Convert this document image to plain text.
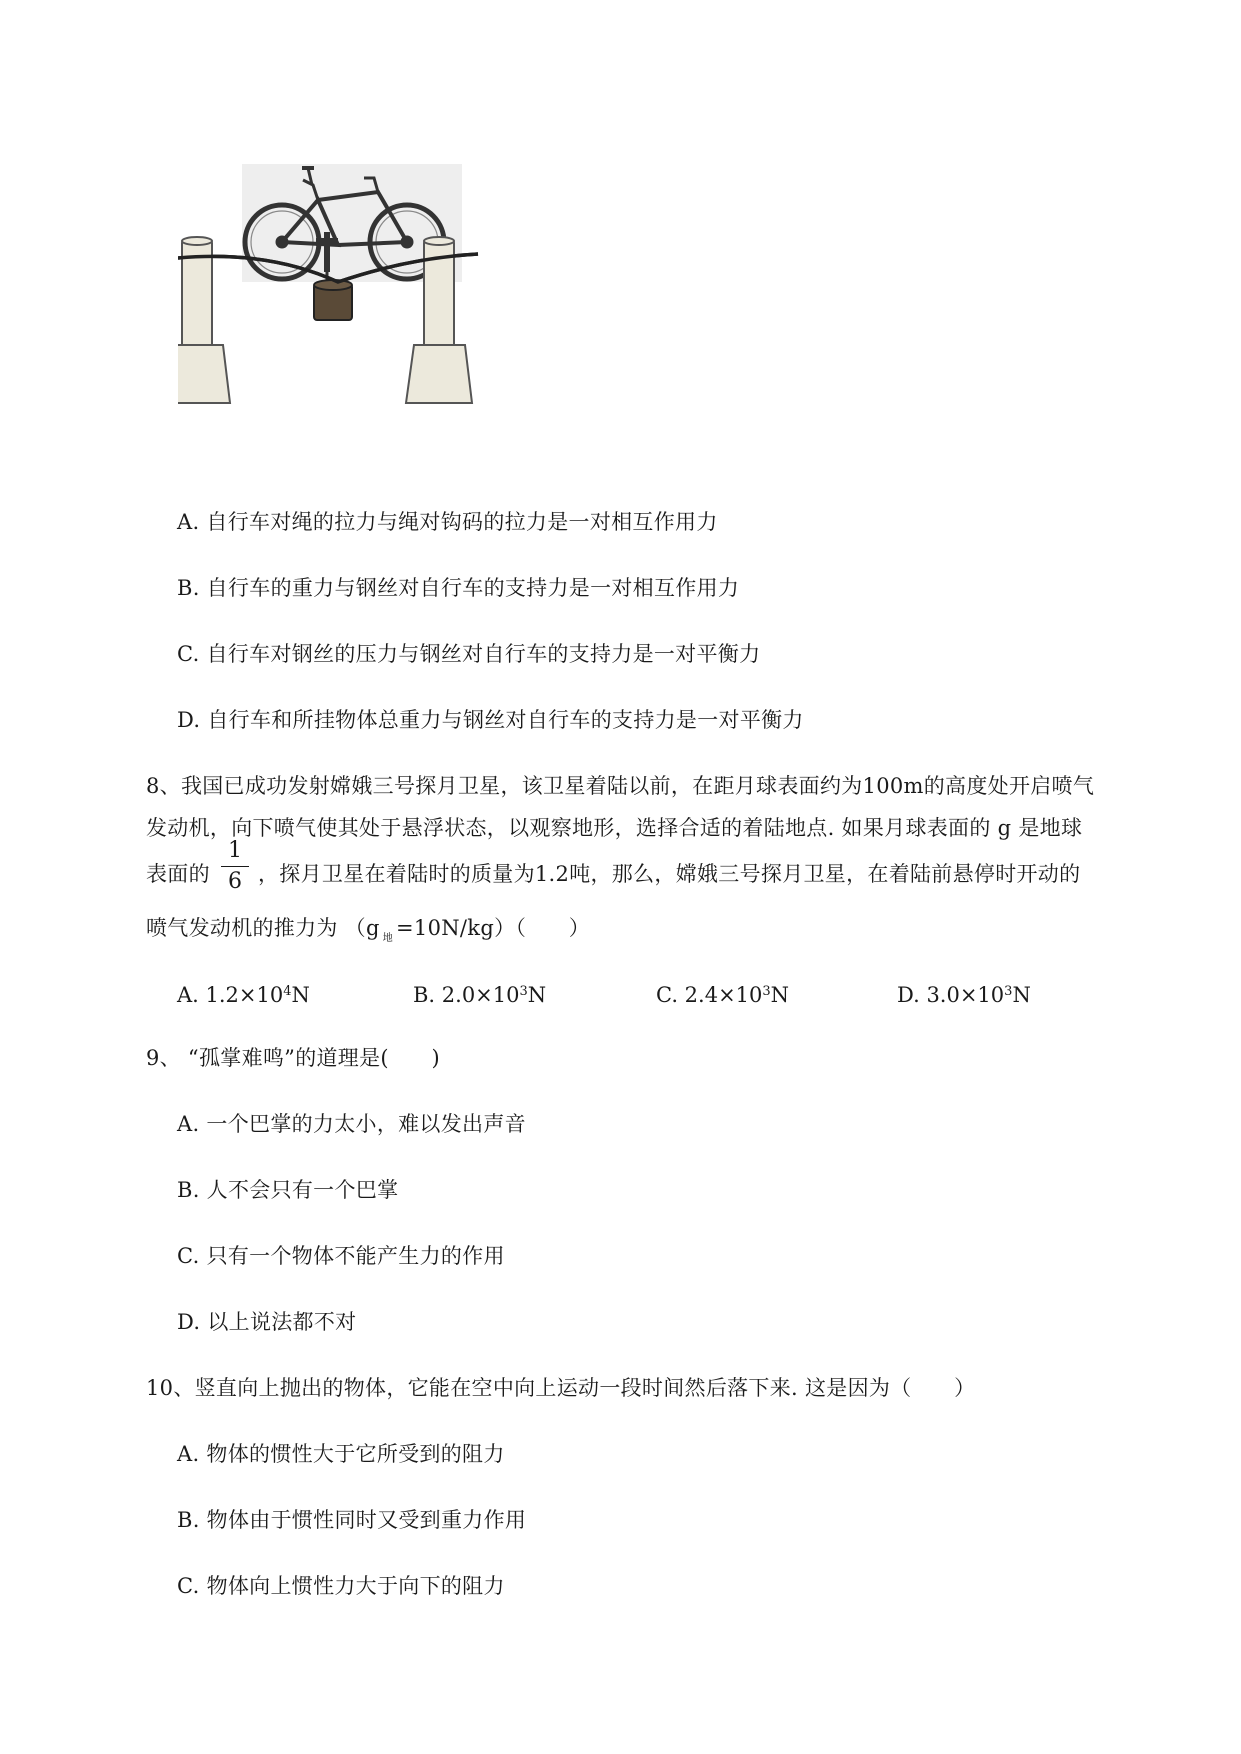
A. 自行车对绳的拉力与绳对钩码的拉力是一对相互作用力
B. 自行车的重力与钢丝对自行车的支持力是一对相互作用力
C. 自行车对钢丝的压力与钢丝对自行车的支持力是一对平衡力
D. 自行车和所挂物体总重力与钢丝对自行车的支持力是一对平衡力
8、我国已成功发射嫦娥三号探月卫星，该卫星着陆以前，在距月球表面约为100m的高度处开启喷气
发动机，向下喷气使其处于悬浮状态，以观察地形，选择合适的着陆地点. 如果月球表面的 g 是地球
表面的 $\frac{1}{6}$ ，探月卫星在着陆时的质量为1.2吨，那么，嫦娥三号探月卫星，在着陆前悬停时开动的
喷气发动机的推力为 （g $_地$ =10N/kg）（　　）
A. $1.2\times 10^4N$	B. $2.0\times 10^3N$	C. $2.4\times 10^3N$	D. $3.0\times 10^3N$
9、 “孤掌难鸣”的道理是(　　)
A. 一个巴掌的力太小，难以发出声音
B. 人不会只有一个巴掌
C. 只有一个物体不能产生力的作用
D. 以上说法都不对
10、竖直向上抛出的物体，它能在空中向上运动一段时间然后落下来. 这是因为（　　）
A. 物体的惯性大于它所受到的阻力
B. 物体由于惯性同时又受到重力作用
C. 物体向上惯性力大于向下的阻力
